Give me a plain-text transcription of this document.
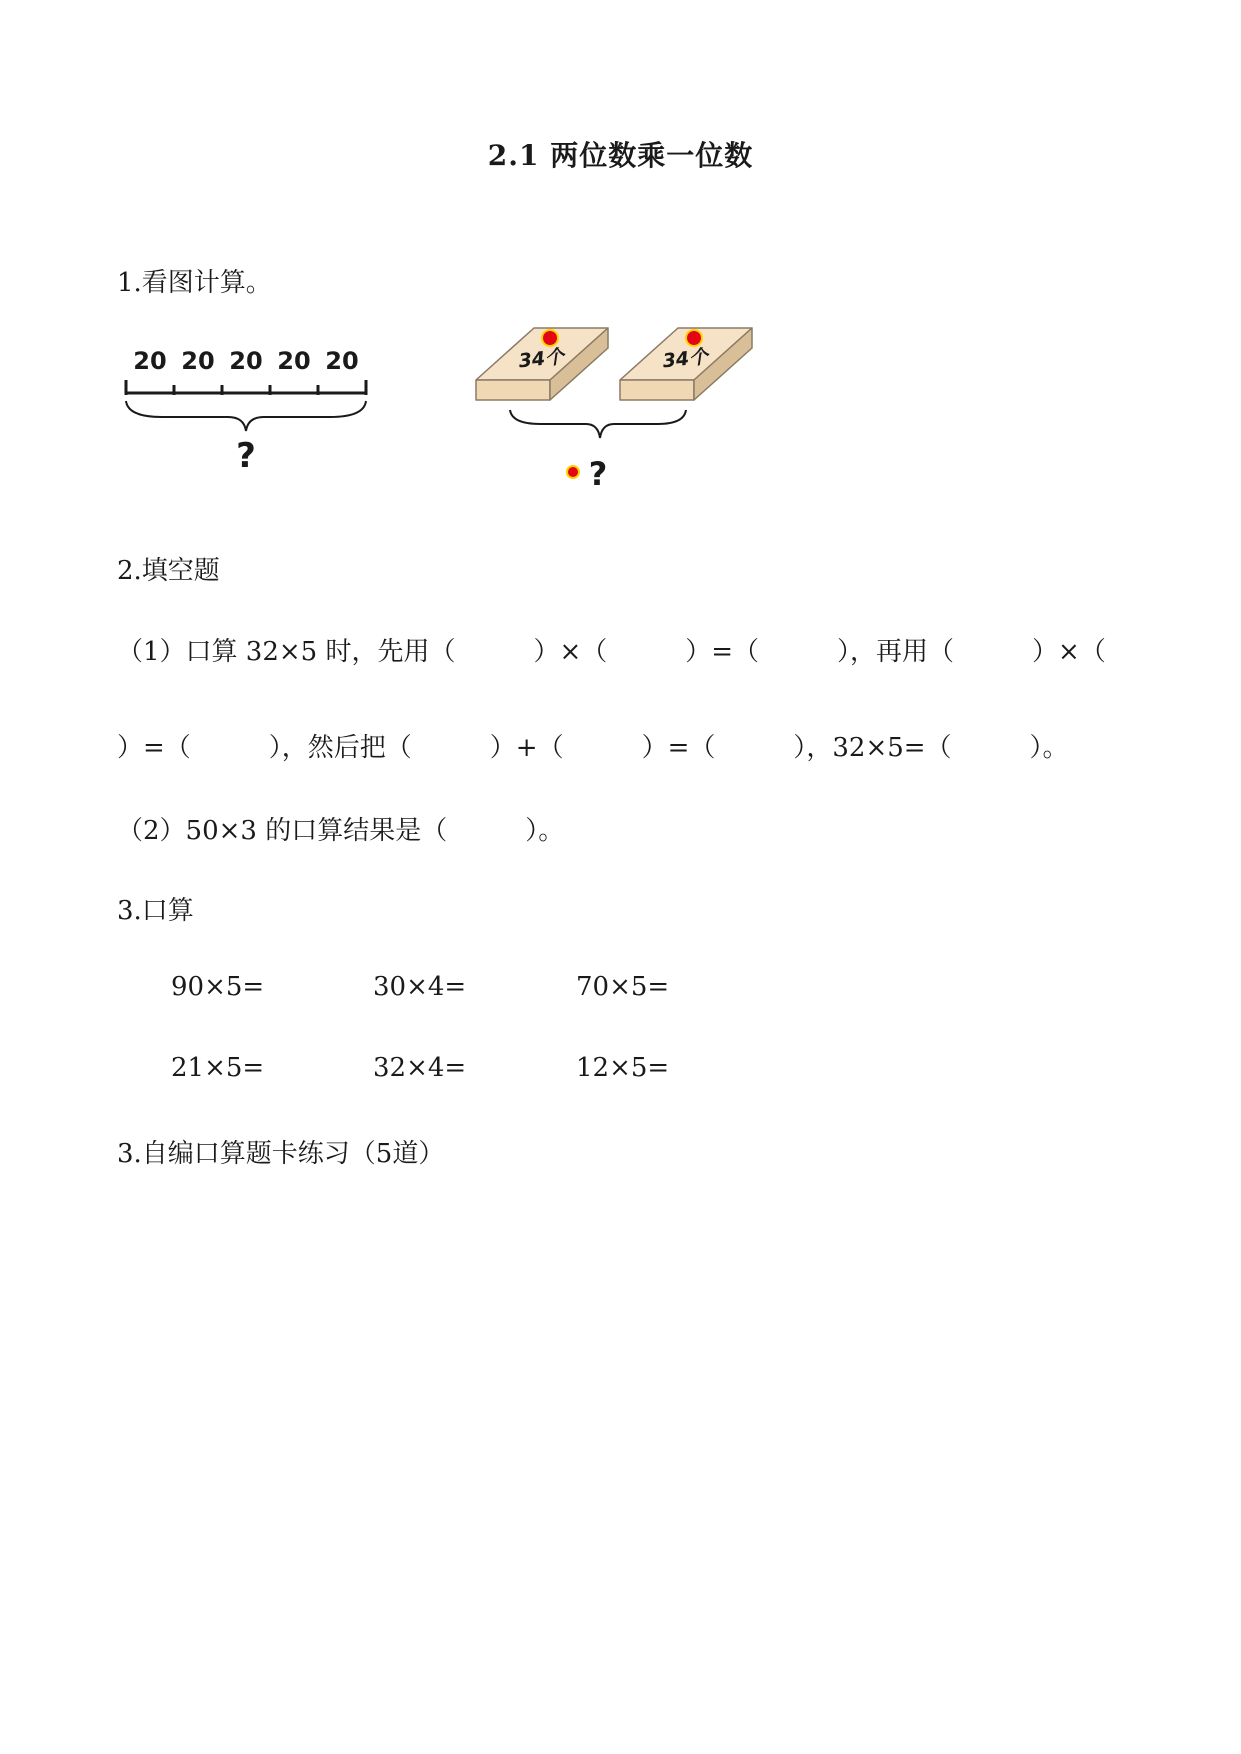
2.1 两位数乘一位数
1.看图计算。
20 20 20 20 20
?
34个	34个
?
2.填空题
（1）口算 32×5 时，先用（　　　）×（　　　）=（　　　），再用（　　　）×（
）=（　　　），然后把（　　　）+（　　　）=（　　　），32×5=（　　　）。
（2）50×3 的口算结果是（　　　）。
3.口算
90×5=	30×4=	70×5=
21×5=	32×4=	12×5=
3.自编口算题卡练习（5道）
